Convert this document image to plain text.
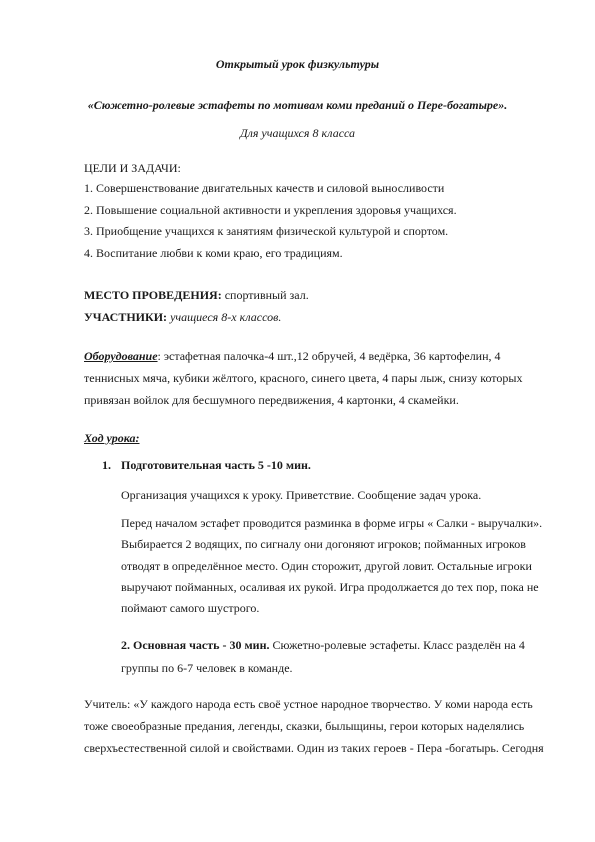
Открытый урок физкультуры
«Сюжетно-ролевые эстафеты по мотивам коми преданий о Пере-богатыре».
Для учащихся 8 класса
ЦЕЛИ И ЗАДАЧИ:
1. Совершенствование двигательных качеств и силовой выносливости
2. Повышение социальной активности и укрепления здоровья учащихся.
3. Приобщение учащихся к занятиям физической культурой и спортом.
4. Воспитание любви к коми краю, его традициям.
МЕСТО ПРОВЕДЕНИЯ: спортивный зал.
УЧАСТНИКИ: учащиеся 8-х классов.
Оборудование: эстафетная палочка-4 шт.,12 обручей, 4 ведёрка, 36 картофелин, 4
теннисных мяча, кубики жёлтого, красного, синего цвета, 4 пары лыж, снизу которых
привязан войлок для бесшумного передвижения, 4 картонки, 4 скамейки.
Ход урока:
1. Подготовительная часть 5 -10 мин.
Организация учащихся к уроку. Приветствие. Сообщение задач урока.
Перед началом эстафет проводится разминка в форме игры « Салки - выручалки».
Выбирается 2 водящих, по сигналу они догоняют игроков; пойманных игроков
отводят в определённое место. Один сторожит, другой ловит. Остальные игроки
выручают пойманных, осаливая их рукой. Игра продолжается до тех пор, пока не
поймают самого шустрого.
2. Основная часть - 30 мин. Сюжетно-ролевые эстафеты. Класс разделён на 4
группы по 6-7 человек в команде.
Учитель: «У каждого народа есть своё устное народное творчество. У коми народа есть
тоже своеобразные предания, легенды, сказки, былыщины, герои которых наделялись
сверхъестественной силой и свойствами. Один из таких героев - Пера -богатырь. Сегодня
